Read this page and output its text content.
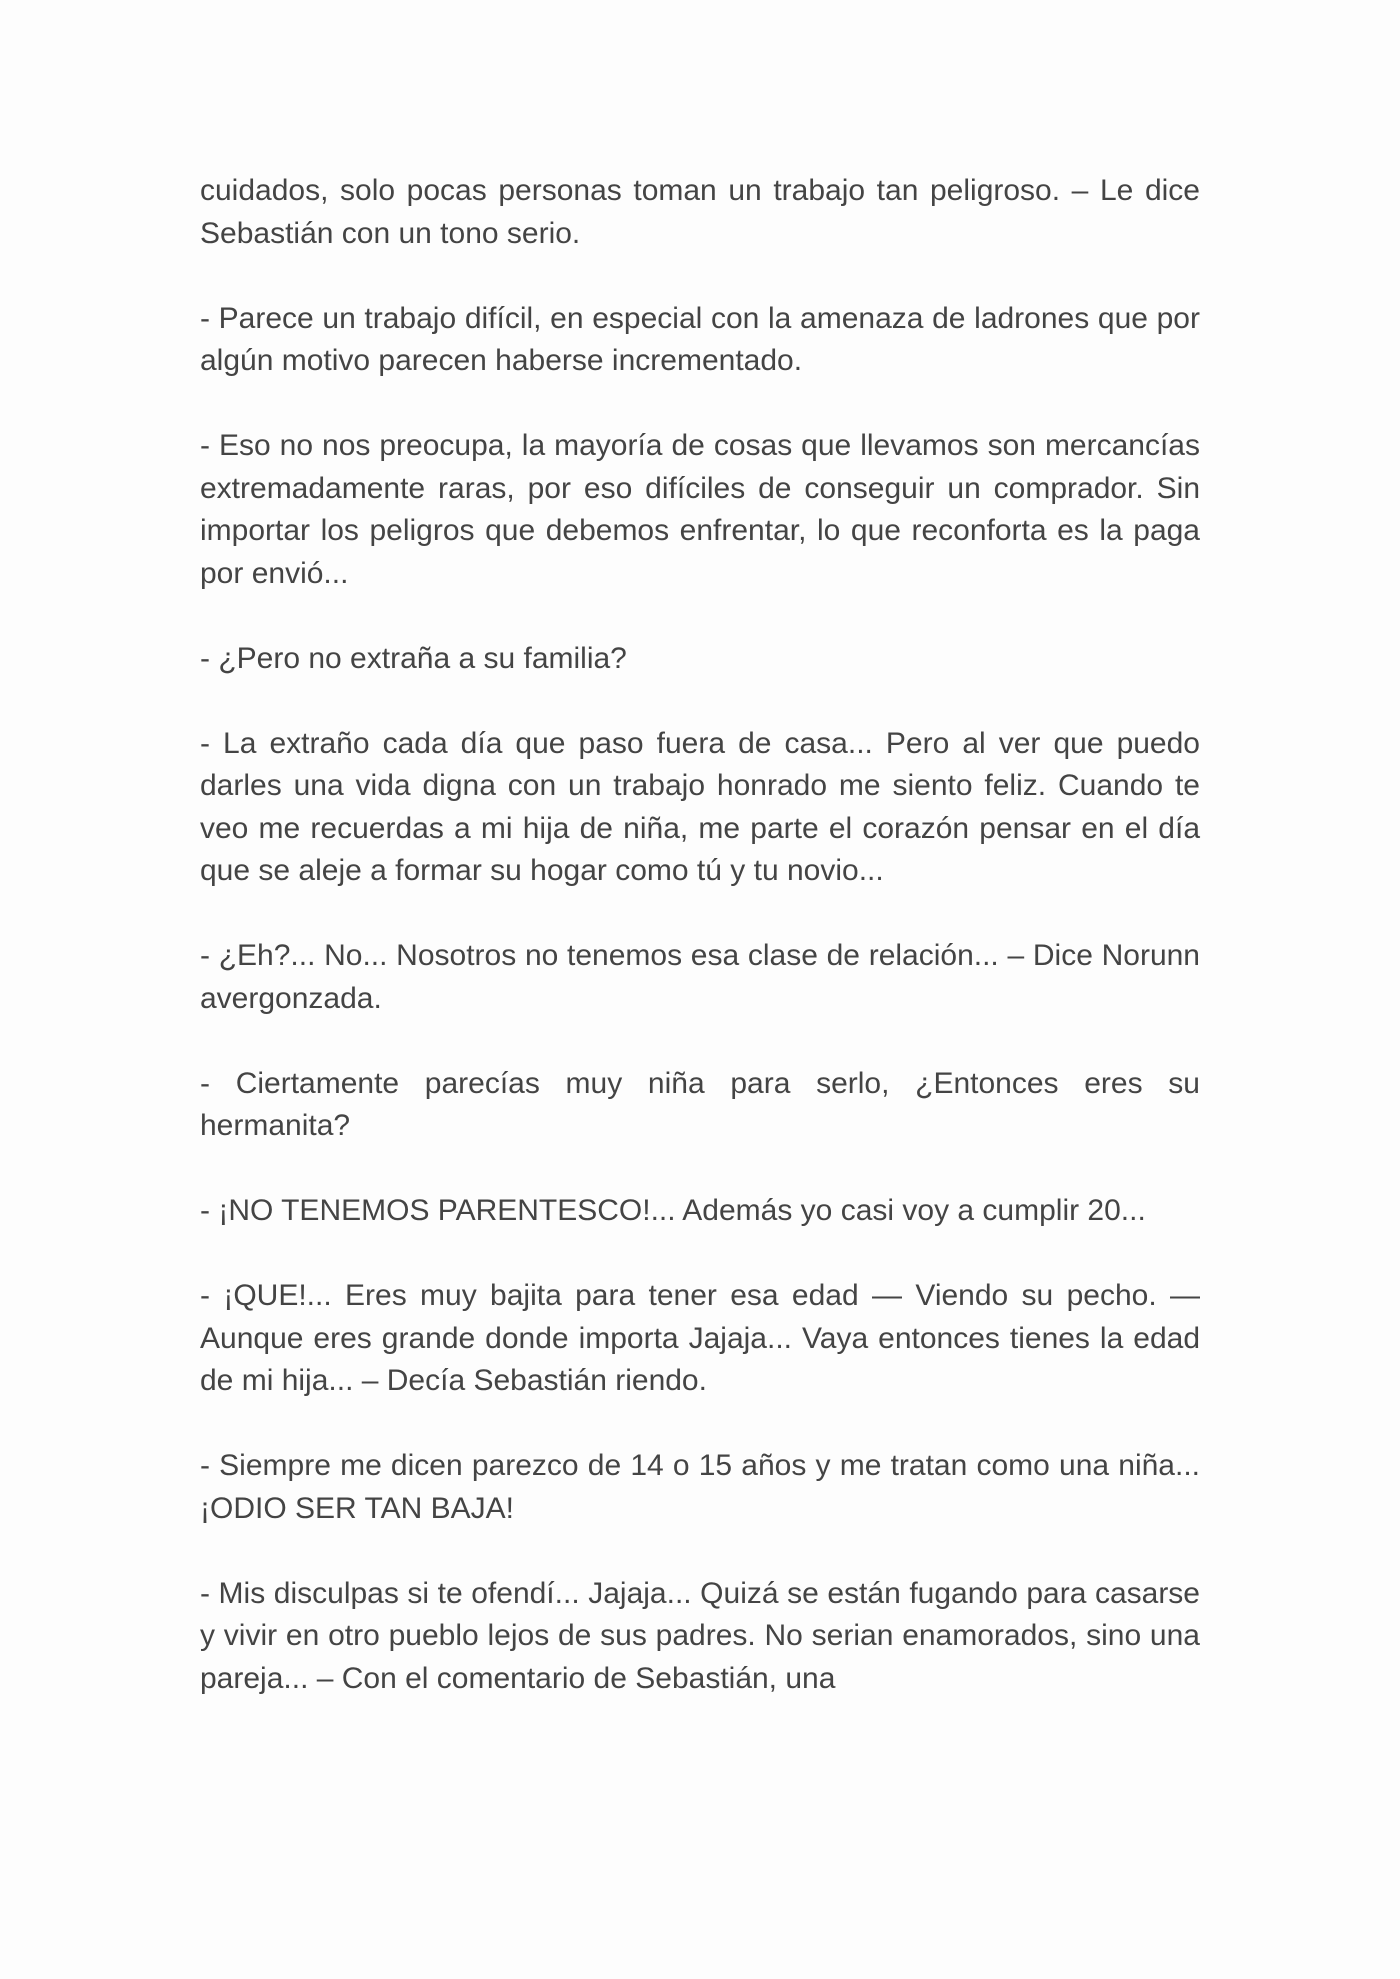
cuidados, solo pocas personas toman un trabajo tan peligroso. – Le dice Sebastián con un tono serio.

- Parece un trabajo difícil, en especial con la amenaza de ladrones que por algún motivo parecen haberse incrementado.

- Eso no nos preocupa, la mayoría de cosas que llevamos son mercancías extremadamente raras, por eso difíciles de conseguir un comprador. Sin importar los peligros que debemos enfrentar, lo que reconforta es la paga por envió...

- ¿Pero no extraña a su familia?

- La extraño cada día que paso fuera de casa... Pero al ver que puedo darles una vida digna con un trabajo honrado me siento feliz. Cuando te veo me recuerdas a mi hija de niña, me parte el corazón pensar en el día que se aleje a formar su hogar como tú y tu novio...

- ¿Eh?... No... Nosotros no tenemos esa clase de relación... – Dice Norunn avergonzada.

- Ciertamente parecías muy niña para serlo, ¿Entonces eres su hermanita?

- ¡NO TENEMOS PARENTESCO!... Además yo casi voy a cumplir 20...

- ¡QUE!... Eres muy bajita para tener esa edad — Viendo su pecho. — Aunque eres grande donde importa Jajaja... Vaya entonces tienes la edad de mi hija... – Decía Sebastián riendo.

- Siempre me dicen parezco de 14 o 15 años y me tratan como una niña... ¡ODIO SER TAN BAJA!

- Mis disculpas si te ofendí... Jajaja... Quizá se están fugando para casarse y vivir en otro pueblo lejos de sus padres. No serian enamorados, sino una pareja... – Con el comentario de Sebastián, una
